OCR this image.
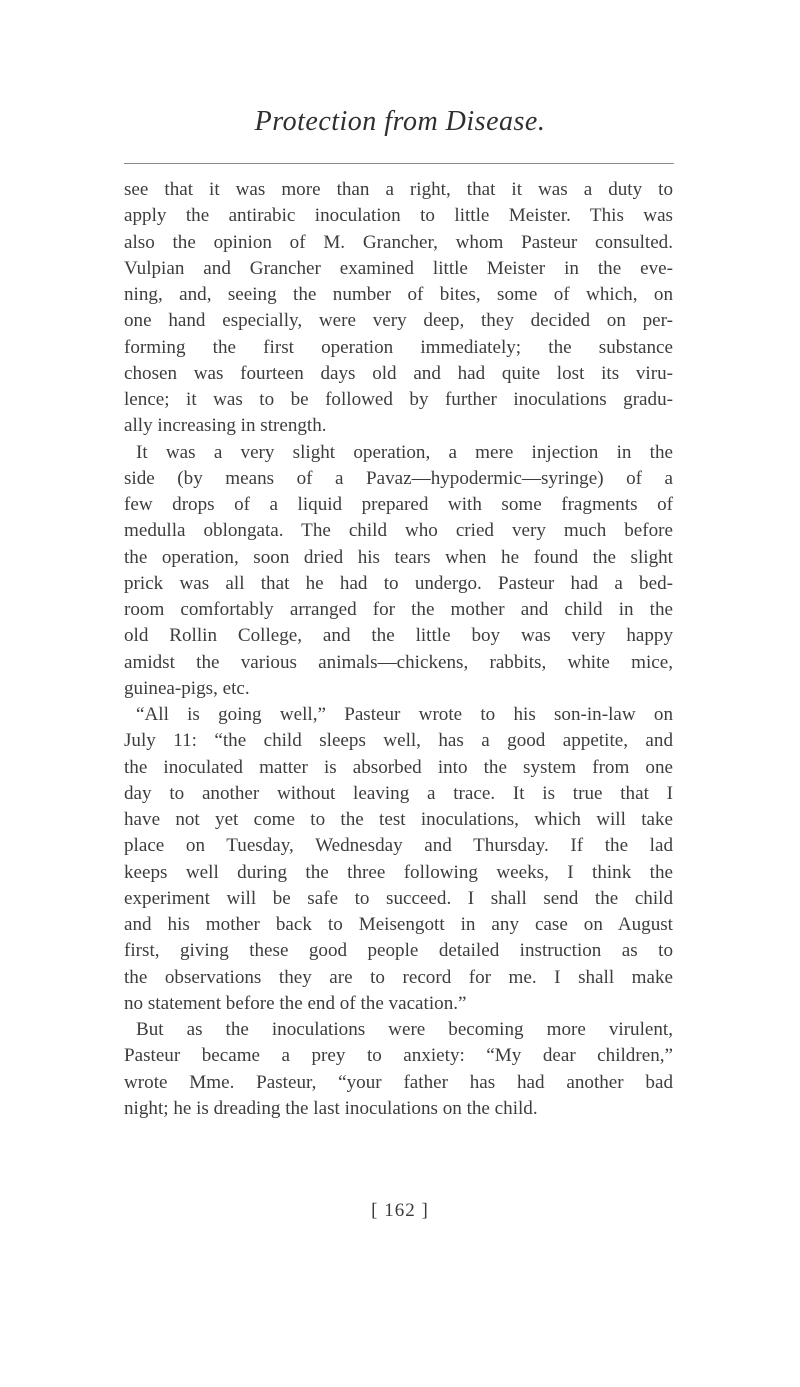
Protection from Disease.
see that it was more than a right, that it was a duty to
apply the antirabic inoculation to little Meister. This was
also the opinion of M. Grancher, whom Pasteur consulted.
Vulpian and Grancher examined little Meister in the eve-
ning, and, seeing the number of bites, some of which, on
one hand especially, were very deep, they decided on per-
forming the first operation immediately; the substance
chosen was fourteen days old and had quite lost its viru-
lence; it was to be followed by further inoculations gradu-
ally increasing in strength.
It was a very slight operation, a mere injection in the
side (by means of a Pavaz—hypodermic—syringe) of a
few drops of a liquid prepared with some fragments of
medulla oblongata. The child who cried very much before
the operation, soon dried his tears when he found the slight
prick was all that he had to undergo. Pasteur had a bed-
room comfortably arranged for the mother and child in the
old Rollin College, and the little boy was very happy
amidst the various animals—chickens, rabbits, white mice,
guinea-pigs, etc.
“All is going well,” Pasteur wrote to his son-in-law on
July 11: “the child sleeps well, has a good appetite, and
the inoculated matter is absorbed into the system from one
day to another without leaving a trace. It is true that I
have not yet come to the test inoculations, which will take
place on Tuesday, Wednesday and Thursday. If the lad
keeps well during the three following weeks, I think the
experiment will be safe to succeed. I shall send the child
and his mother back to Meisengott in any case on August
first, giving these good people detailed instruction as to
the observations they are to record for me. I shall make
no statement before the end of the vacation.”
But as the inoculations were becoming more virulent,
Pasteur became a prey to anxiety: “My dear children,”
wrote Mme. Pasteur, “your father has had another bad
night; he is dreading the last inoculations on the child.
[ 162 ]
